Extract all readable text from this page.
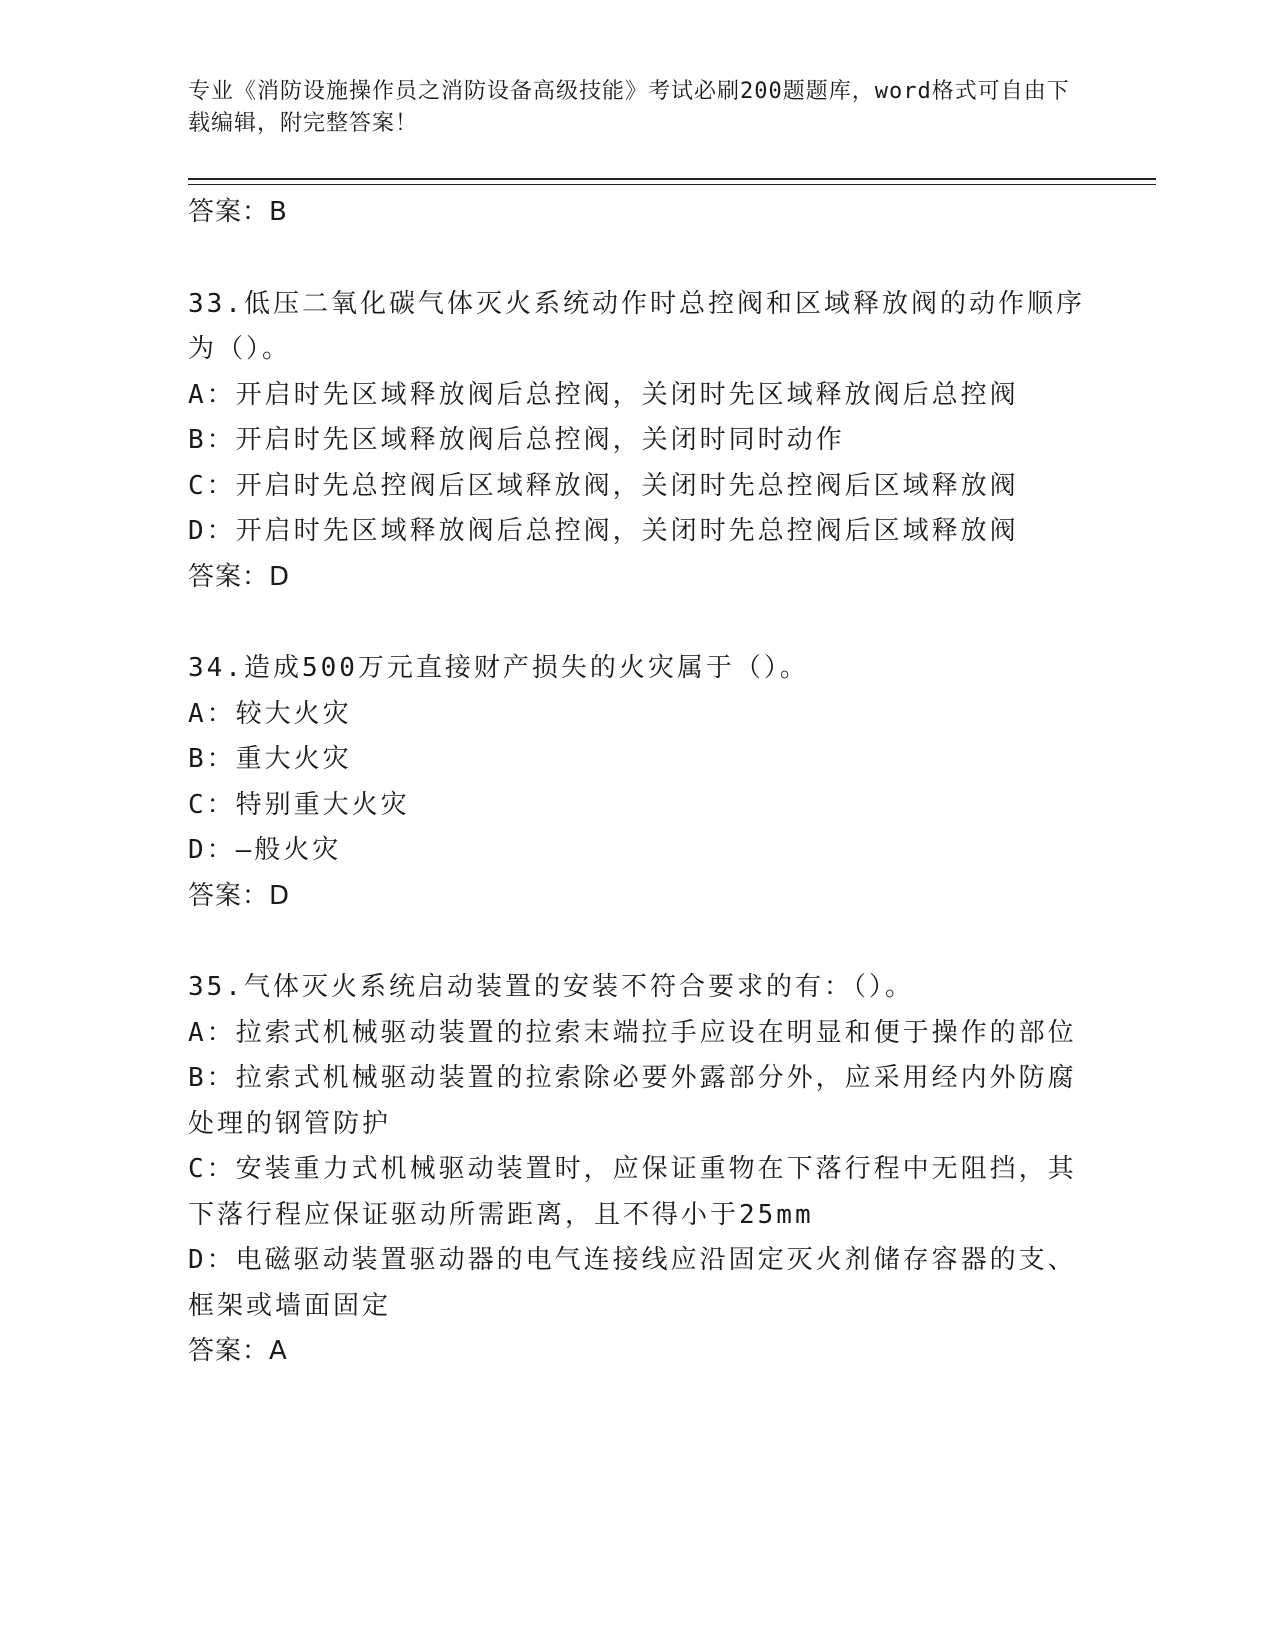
专业《消防设施操作员之消防设备高级技能》考试必刷200题题库，word格式可自由下载编辑，附完整答案！

答案：B

33.低压二氧化碳气体灭火系统动作时总控阀和区域释放阀的动作顺序为（）。

A：开启时先区域释放阀后总控阀，关闭时先区域释放阀后总控阀

B：开启时先区域释放阀后总控阀，关闭时同时动作

C：开启时先总控阀后区域释放阀，关闭时先总控阀后区域释放阀

D：开启时先区域释放阀后总控阀，关闭时先总控阀后区域释放阀

答案：D

34.造成500万元直接财产损失的火灾属于（）。

A：较大火灾

B：重大火灾

C：特别重大火灾

D：—般火灾

答案：D

35.气体灭火系统启动装置的安装不符合要求的有：（）。

A：拉索式机械驱动装置的拉索末端拉手应设在明显和便于操作的部位

B：拉索式机械驱动装置的拉索除必要外露部分外，应采用经内外防腐处理的钢管防护

C：安装重力式机械驱动装置时，应保证重物在下落行程中无阻挡，其下落行程应保证驱动所需距离，且不得小于25mm

D：电磁驱动装置驱动器的电气连接线应沿固定灭火剂储存容器的支、框架或墙面固定

答案：A
